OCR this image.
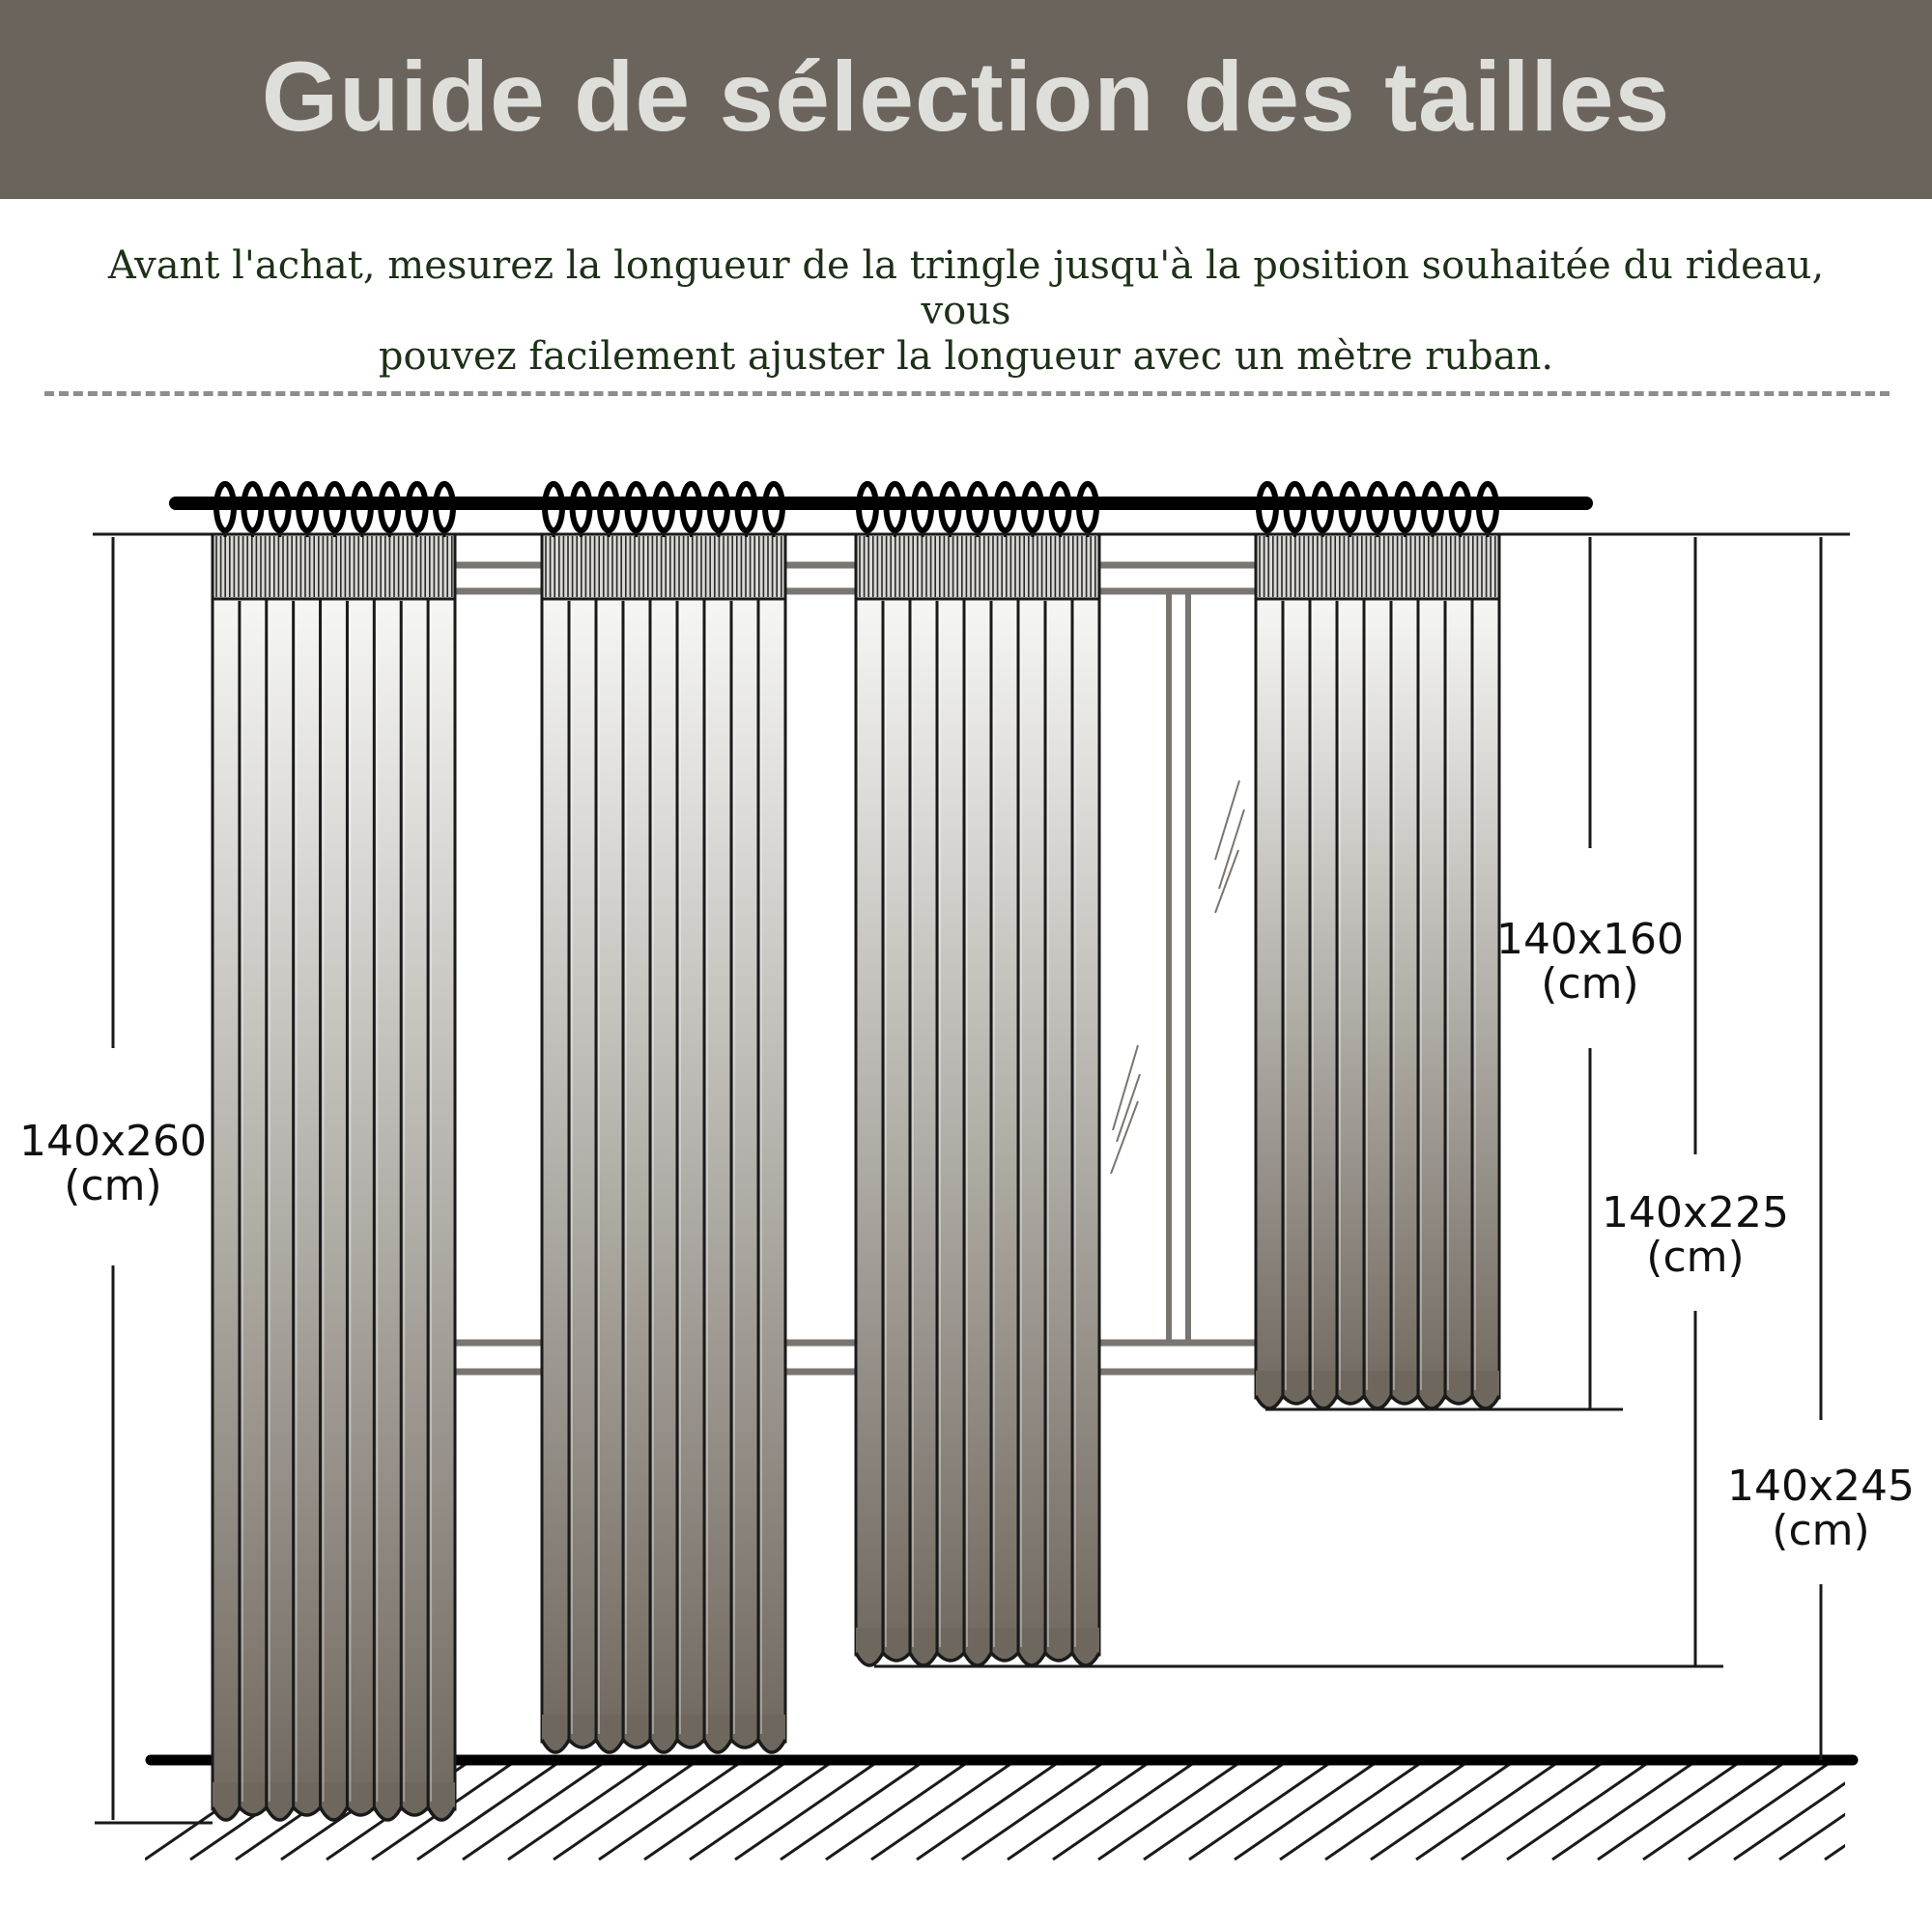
Guide de sélection des tailles

Avant l'achat, mesurez la longueur de la tringle jusqu'à la position souhaitée du rideau, vous
pouvez facilement ajuster la longueur avec un mètre ruban.

140x260
(cm)
140x160
(cm)
140x225
(cm)
140x245
(cm)
